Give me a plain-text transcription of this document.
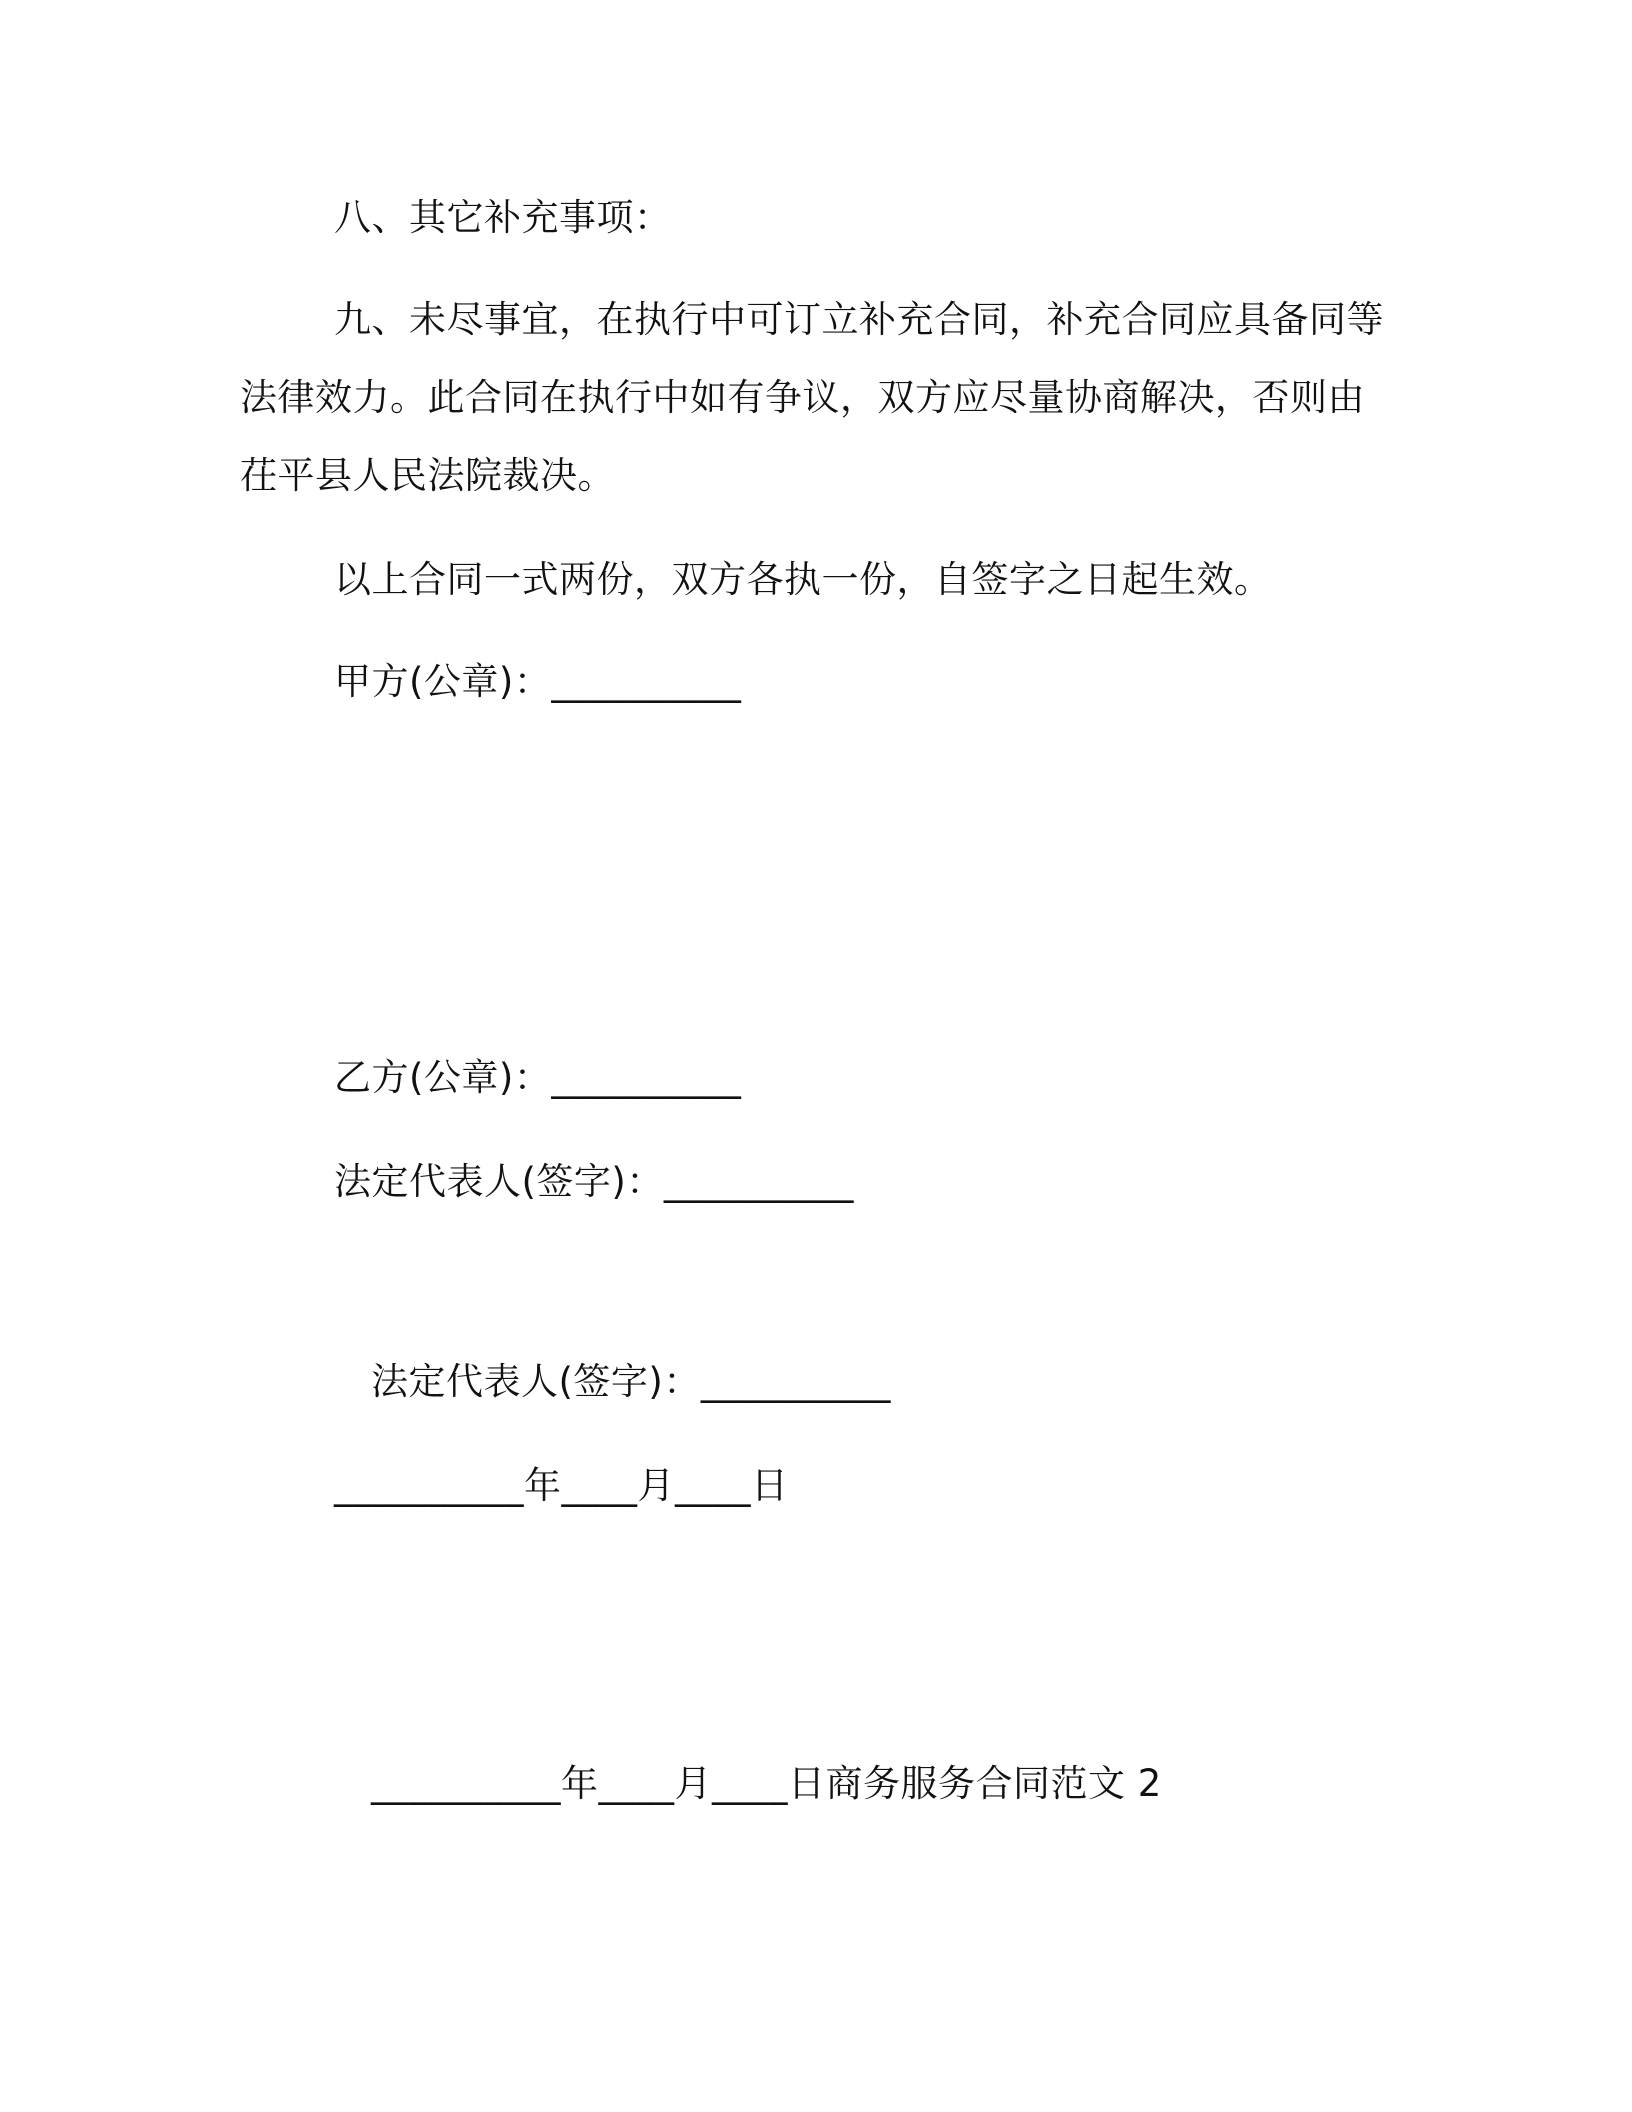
八、其它补充事项：
九、未尽事宜，在执行中可订立补充合同，补充合同应具备同等
法律效力。此合同在执行中如有争议，双方应尽量协商解决，否则由
茌平县人民法院裁决。
以上合同一式两份，双方各执一份，自签字之日起生效。
甲方(公章)：__________
乙方(公章)：__________
法定代表人(签字)：__________
法定代表人(签字)：__________
__________年____月____日
__________年____月____日商务服务合同范文 2
